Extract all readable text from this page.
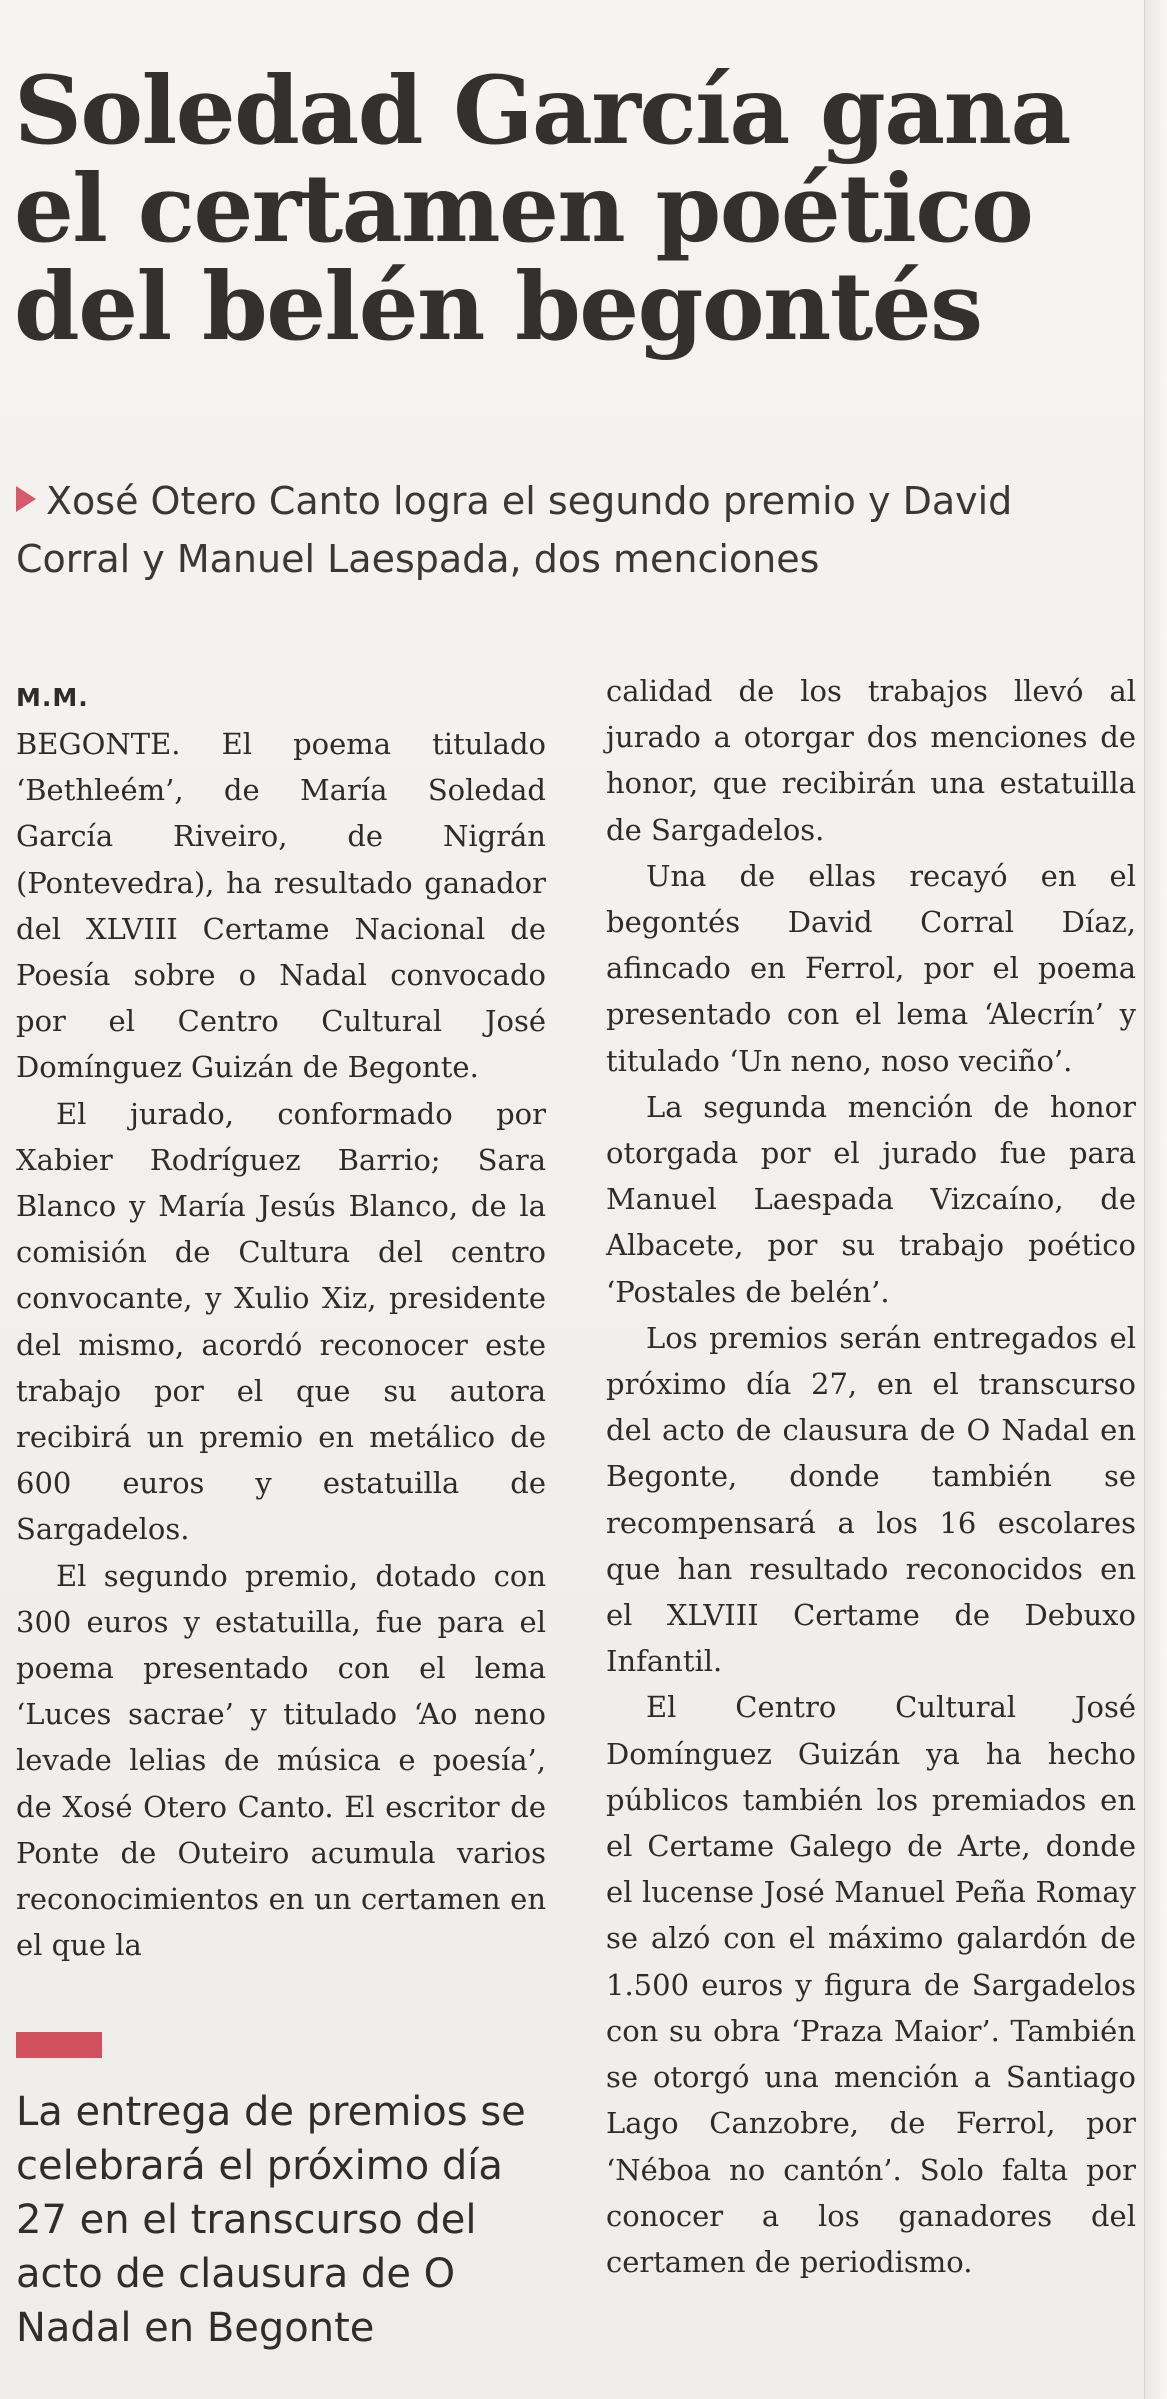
Soledad García gana el certamen poético del belén begontés
Xosé Otero Canto logra el segundo premio y David Corral y Manuel Laespada, dos menciones
M.M.

BEGONTE. El poema titulado ‘Bethleém’, de María Soledad García Riveiro, de Nigrán (Pontevedra), ha resultado ganador del XLVIII Certame Nacional de Poesía sobre o Nadal convocado por el Centro Cultural José Domínguez Guizán de Begonte.

El jurado, conformado por Xabier Rodríguez Barrio; Sara Blanco y María Jesús Blanco, de la comisión de Cultura del centro convocante, y Xulio Xiz, presidente del mismo, acordó reconocer este trabajo por el que su autora recibirá un premio en metálico de 600 euros y estatuilla de Sargadelos.

El segundo premio, dotado con 300 euros y estatuilla, fue para el poema presentado con el lema ‘Luces sacrae’ y titulado ‘Ao neno levade lelias de música e poesía’, de Xosé Otero Canto. El escritor de Ponte de Outeiro acumula varios reconocimientos en un certamen en el que la

La entrega de premios se celebrará el próximo día 27 en el transcurso del acto de clausura de O Nadal en Begonte

calidad de los trabajos llevó al jurado a otorgar dos menciones de honor, que recibirán una estatuilla de Sargadelos.

Una de ellas recayó en el begontés David Corral Díaz, afincado en Ferrol, por el poema presentado con el lema ‘Alecrín’ y titulado ‘Un neno, noso veciño’.

La segunda mención de honor otorgada por el jurado fue para Manuel Laespada Vizcaíno, de Albacete, por su trabajo poético ‘Postales de belén’.

Los premios serán entregados el próximo día 27, en el transcurso del acto de clausura de O Nadal en Begonte, donde también se recompensará a los 16 escolares que han resultado reconocidos en el XLVIII Certame de Debuxo Infantil.

El Centro Cultural José Domínguez Guizán ya ha hecho públicos también los premiados en el Certame Galego de Arte, donde el lucense José Manuel Peña Romay se alzó con el máximo galardón de 1.500 euros y figura de Sargadelos con su obra ‘Praza Maior’. También se otorgó una mención a Santiago Lago Canzobre, de Ferrol, por ‘Néboa no cantón’. Solo falta por conocer a los ganadores del certamen de periodismo.
